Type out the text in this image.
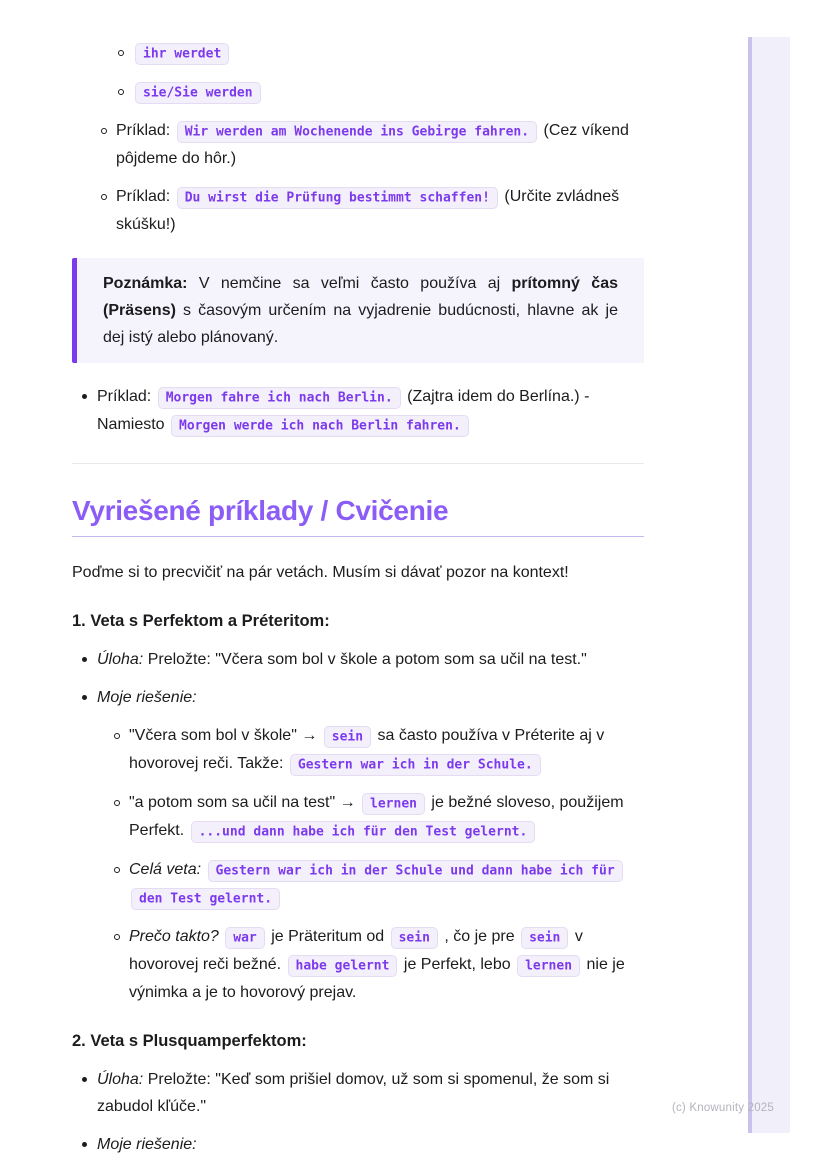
ihr werdet
sie/Sie werden
Príklad: Wir werden am Wochenende ins Gebirge fahren. (Cez víkend pôjdeme do hôr.)
Príklad: Du wirst die Prüfung bestimmt schaffen! (Určite zvládneš skúšku!)

Poznámka: V nemčine sa veľmi často používa aj prítomný čas (Präsens) s časovým určením na vyjadrenie budúcnosti, hlavne ak je dej istý alebo plánovaný.

Príklad: Morgen fahre ich nach Berlin. (Zajtra idem do Berlína.) - Namiesto Morgen werde ich nach Berlin fahren.
Vyriešené príklady / Cvičenie

Poďme si to precvičiť na pár vetách. Musím si dávať pozor na kontext!

1. Veta s Perfektom a Préteritom:

Úloha: Preložte: "Včera som bol v škole a potom som sa učil na test."
Moje riešenie:
"Včera som bol v škole" → sein sa často používa v Préterite aj v hovorovej reči. Takže: Gestern war ich in der Schule.
"a potom som sa učil na test" → lernen je bežné sloveso, použijem Perfekt. ...und dann habe ich für den Test gelernt.
Celá veta: Gestern war ich in der Schule und dann habe ich für den Test gelernt.
Prečo takto? war je Präteritum od sein , čo je pre sein v hovorovej reči bežné. habe gelernt je Perfekt, lebo lernen nie je výnimka a je to hovorový prejav.

2. Veta s Plusquamperfektom:

Úloha: Preložte: "Keď som prišiel domov, už som si spomenul, že som si zabudol kľúče."
Moje riešenie:
(c) Knowunity 2025
